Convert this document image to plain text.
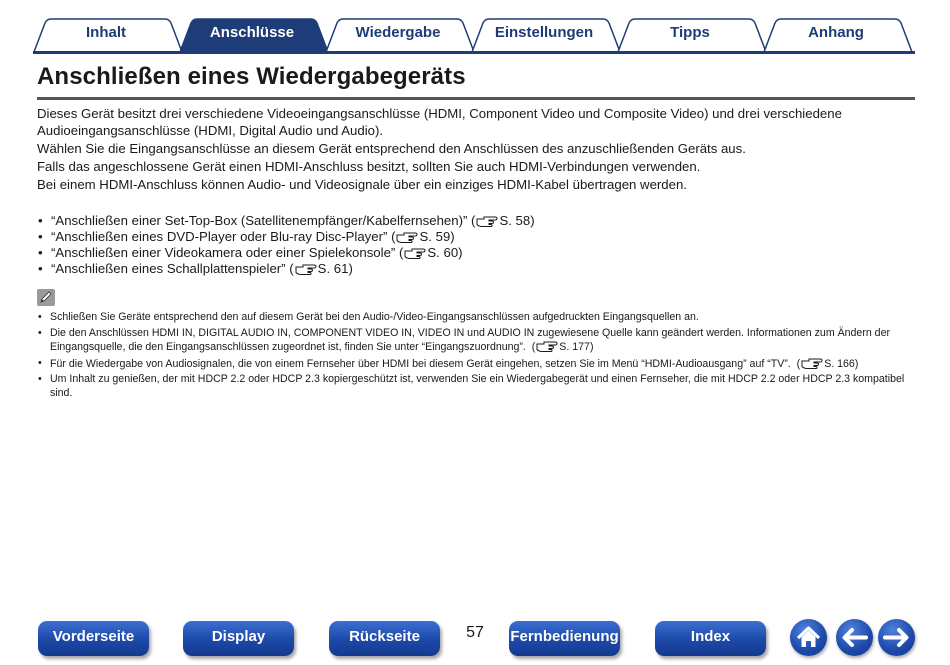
Inhalt	Anschlüsse	Wiedergabe	Einstellungen	Tipps	Anhang
Anschließen eines Wiedergabegeräts

Dieses Gerät besitzt drei verschiedene Videoeingangsanschlüsse (HDMI, Component Video und Composite Video) und drei verschiedene Audioeingangsanschlüsse (HDMI, Digital Audio und Audio).

Wählen Sie die Eingangsanschlüsse an diesem Gerät entsprechend den Anschlüssen des anzuschließenden Geräts aus.

Falls das angeschlossene Gerät einen HDMI-Anschluss besitzt, sollten Sie auch HDMI-Verbindungen verwenden.

Bei einem HDMI-Anschluss können Audio- und Videosignale über ein einziges HDMI-Kabel übertragen werden.

• “Anschließen einer Set-Top-Box (Satellitenempfänger/Kabelfernsehen)” ( S. 58)
• “Anschließen eines DVD-Player oder Blu-ray Disc-Player” ( S. 59)
• “Anschließen einer Videokamera oder einer Spielekonsole” ( S. 60)
• “Anschließen eines Schallplattenspieler” ( S. 61)
• Schließen Sie Geräte entsprechend den auf diesem Gerät bei den Audio-/Video-Eingangsanschlüssen aufgedruckten Eingangsquellen an.
• Die den Anschlüssen HDMI IN, DIGITAL AUDIO IN, COMPONENT VIDEO IN, VIDEO IN und AUDIO IN zugewiesene Quelle kann geändert werden. Informationen zum Ändern der Eingangsquelle, die den Eingangsanschlüssen zugeordnet ist, finden Sie unter “Eingangszuordnung”. ( S. 177)
• Für die Wiedergabe von Audiosignalen, die von einem Fernseher über HDMI bei diesem Gerät eingehen, setzen Sie im Menü “HDMI-Audioausgang” auf “TV”. ( S. 166)
• Um Inhalt zu genießen, der mit HDCP 2.2 oder HDCP 2.3 kopiergeschützt ist, verwenden Sie ein Wiedergabegerät und einen Fernseher, die mit HDCP 2.2 oder HDCP 2.3 kompatibel sind.
Vorderseite	Display	Rückseite	57	Fernbedienung	Index
